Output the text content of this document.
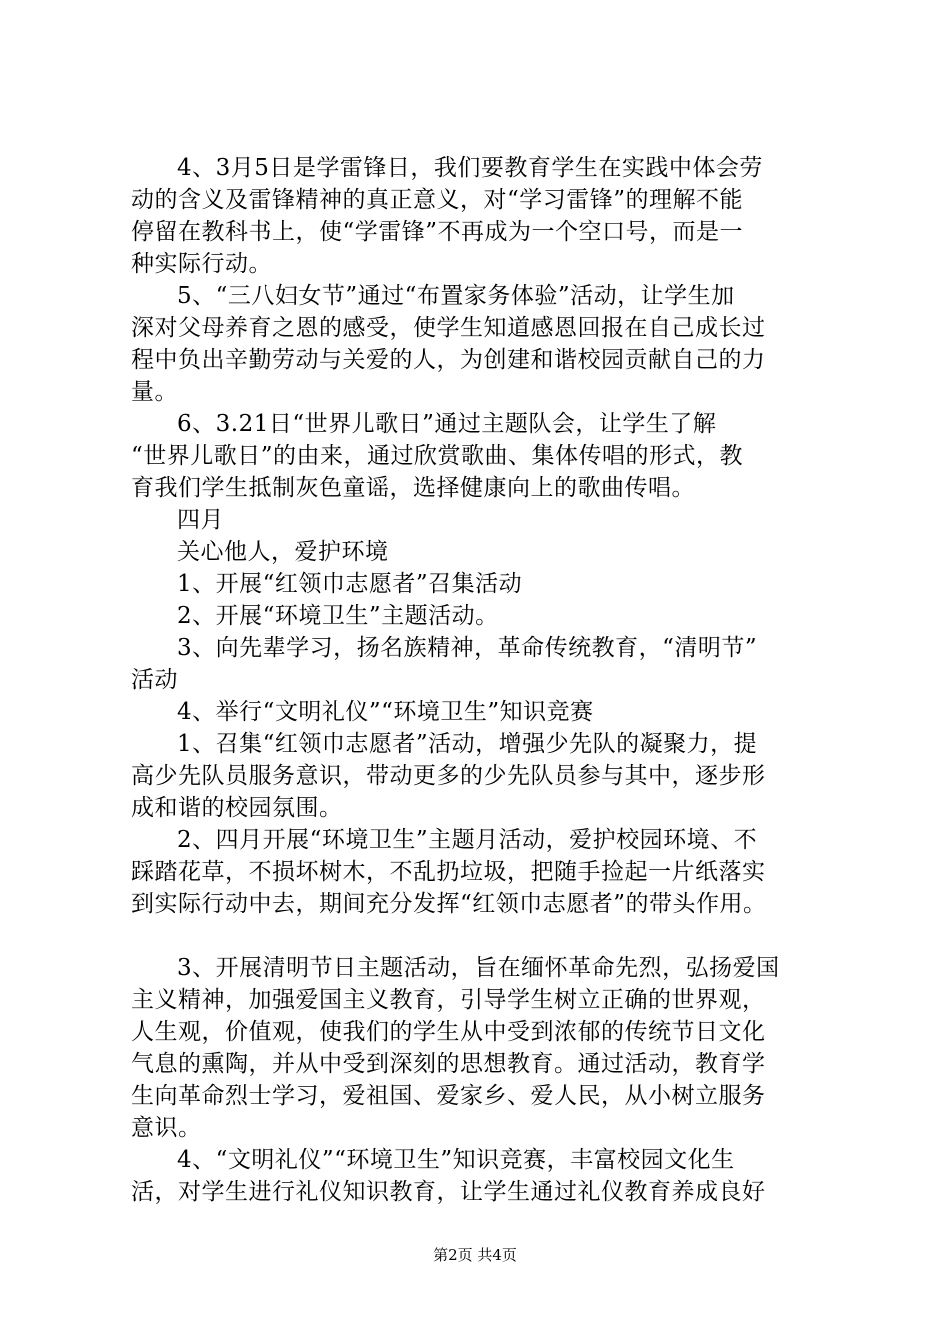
4、3月5日是学雷锋日，我们要教育学生在实践中体会劳
动的含义及雷锋精神的真正意义，对“学习雷锋”的理解不能
停留在教科书上，使“学雷锋”不再成为一个空口号，而是一
种实际行动。
5、“三八妇女节”通过“布置家务体验”活动，让学生加
深对父母养育之恩的感受，使学生知道感恩回报在自己成长过
程中负出辛勤劳动与关爱的人，为创建和谐校园贡献自己的力
量。
6、3.21日“世界儿歌日”通过主题队会，让学生了解
“世界儿歌日”的由来，通过欣赏歌曲、集体传唱的形式，教
育我们学生抵制灰色童谣，选择健康向上的歌曲传唱。
四月
关心他人，爱护环境
1、开展“红领巾志愿者”召集活动
2、开展“环境卫生”主题活动。
3、向先辈学习，扬名族精神，革命传统教育，“清明节”
活动
4、举行“文明礼仪”“环境卫生”知识竞赛
1、召集“红领巾志愿者”活动，增强少先队的凝聚力，提
高少先队员服务意识，带动更多的少先队员参与其中，逐步形
成和谐的校园氛围。
2、四月开展“环境卫生”主题月活动，爱护校园环境、不
踩踏花草，不损坏树木，不乱扔垃圾，把随手捡起一片纸落实
到实际行动中去，期间充分发挥“红领巾志愿者”的带头作用。
3、开展清明节日主题活动，旨在缅怀革命先烈，弘扬爱国
主义精神，加强爱国主义教育，引导学生树立正确的世界观，
人生观，价值观，使我们的学生从中受到浓郁的传统节日文化
气息的熏陶，并从中受到深刻的思想教育。通过活动，教育学
生向革命烈士学习，爱祖国、爱家乡、爱人民，从小树立服务
意识。
4、“文明礼仪”“环境卫生”知识竞赛，丰富校园文化生
活，对学生进行礼仪知识教育，让学生通过礼仪教育养成良好
第2页 共4页
